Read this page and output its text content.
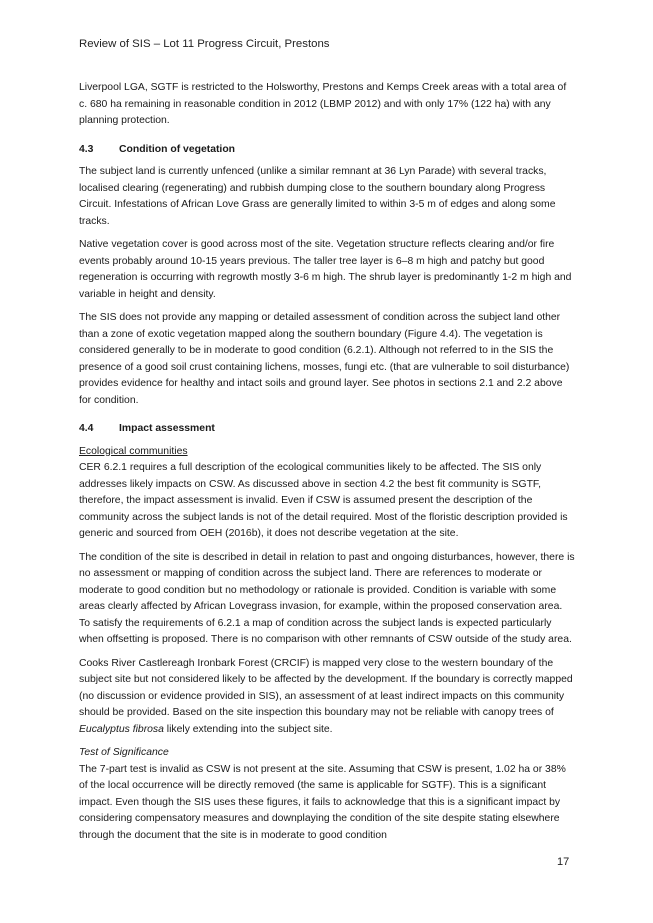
Review of SIS – Lot 11 Progress Circuit, Prestons

Liverpool LGA, SGTF is restricted to the Holsworthy, Prestons and Kemps Creek areas with a total area of c. 680 ha remaining in reasonable condition in 2012 (LBMP 2012) and with only 17% (122 ha) with any planning protection.

4.3 Condition of vegetation

The subject land is currently unfenced (unlike a similar remnant at 36 Lyn Parade) with several tracks, localised clearing (regenerating) and rubbish dumping close to the southern boundary along Progress Circuit. Infestations of African Love Grass are generally limited to within 3-5 m of edges and along some tracks.

Native vegetation cover is good across most of the site. Vegetation structure reflects clearing and/or fire events probably around 10-15 years previous. The taller tree layer is 6–8 m high and patchy but good regeneration is occurring with regrowth mostly 3-6 m high. The shrub layer is predominantly 1-2 m high and variable in height and density.

The SIS does not provide any mapping or detailed assessment of condition across the subject land other than a zone of exotic vegetation mapped along the southern boundary (Figure 4.4). The vegetation is considered generally to be in moderate to good condition (6.2.1). Although not referred to in the SIS the presence of a good soil crust containing lichens, mosses, fungi etc. (that are vulnerable to soil disturbance) provides evidence for healthy and intact soils and ground layer. See photos in sections 2.1 and 2.2 above for condition.

4.4 Impact assessment
Ecological communities

CER 6.2.1 requires a full description of the ecological communities likely to be affected. The SIS only addresses likely impacts on CSW. As discussed above in section 4.2 the best fit community is SGTF, therefore, the impact assessment is invalid. Even if CSW is assumed present the description of the community across the subject lands is not of the detail required. Most of the floristic description provided is generic and sourced from OEH (2016b), it does not describe vegetation at the site.

The condition of the site is described in detail in relation to past and ongoing disturbances, however, there is no assessment or mapping of condition across the subject land. There are references to moderate or moderate to good condition but no methodology or rationale is provided. Condition is variable with some areas clearly affected by African Lovegrass invasion, for example, within the proposed conservation area. To satisfy the requirements of 6.2.1 a map of condition across the subject lands is expected particularly when offsetting is proposed. There is no comparison with other remnants of CSW outside of the study area.

Cooks River Castlereagh Ironbark Forest (CRCIF) is mapped very close to the western boundary of the subject site but not considered likely to be affected by the development. If the boundary is correctly mapped (no discussion or evidence provided in SIS), an assessment of at least indirect impacts on this community should be provided. Based on the site inspection this boundary may not be reliable with canopy trees of Eucalyptus fibrosa likely extending into the subject site.

Test of Significance

The 7-part test is invalid as CSW is not present at the site. Assuming that CSW is present, 1.02 ha or 38% of the local occurrence will be directly removed (the same is applicable for SGTF). This is a significant impact. Even though the SIS uses these figures, it fails to acknowledge that this is a significant impact by considering compensatory measures and downplaying the condition of the site despite stating elsewhere through the document that the site is in moderate to good condition

17
